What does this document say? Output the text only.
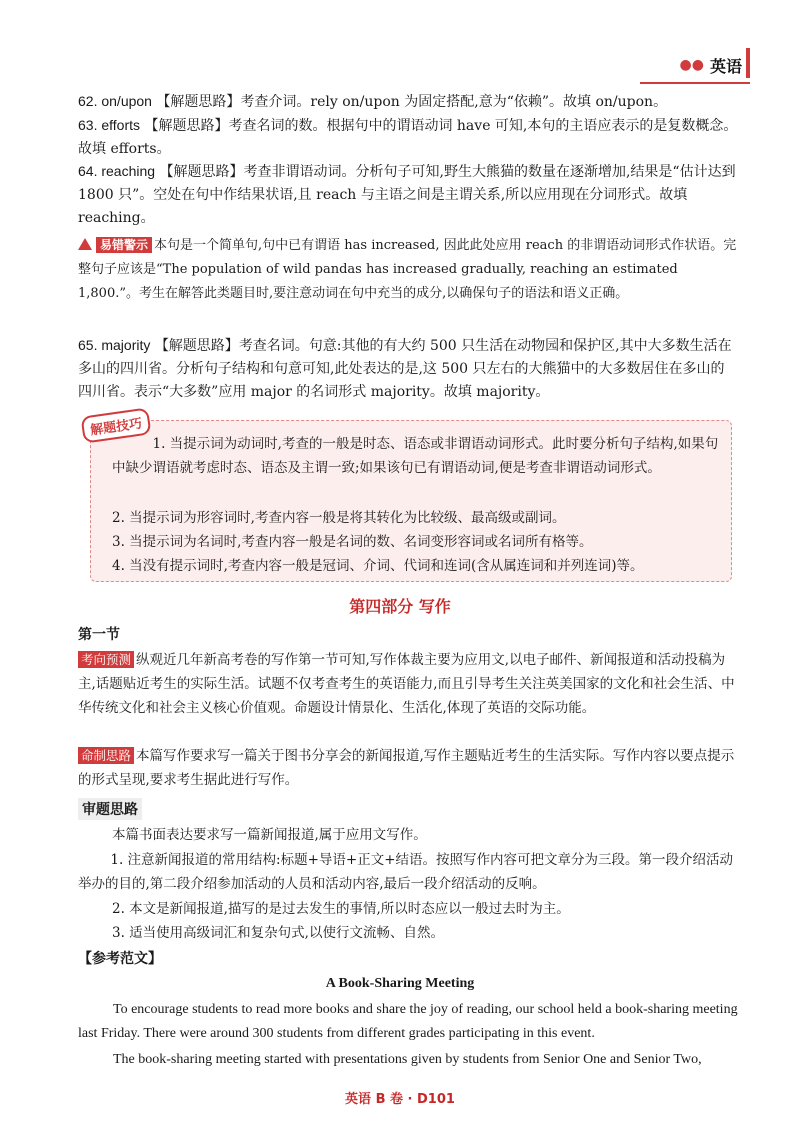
●● 英语
62. on/upon 【解题思路】考查介词。rely on/upon 为固定搭配,意为“依赖”。故填 on/upon。
63. efforts 【解题思路】考查名词的数。根据句中的谓语动词 have 可知,本句的主语应表示的是复数概念。故填 efforts。
64. reaching 【解题思路】考查非谓语动词。分析句子可知,野生大熊猫的数量在逐渐增加,结果是“估计达到 1800 只”。空处在句中作结果状语,且 reach 与主语之间是主谓关系,所以应用现在分词形式。故填 reaching。
易错警示 本句是一个简单句,句中已有谓语 has increased, 因此此处应用 reach 的非谓语动词形式作状语。完整句子应该是“The population of wild pandas has increased gradually, reaching an estimated 1,800.”。考生在解答此类题目时,要注意动词在句中充当的成分,以确保句子的语法和语义正确。
65. majority 【解题思路】考查名词。句意:其他的有大约 500 只生活在动物园和保护区,其中大多数生活在多山的四川省。分析句子结构和句意可知,此处表达的是,这 500 只左右的大熊猫中的大多数居住在多山的四川省。表示“大多数”应用 major 的名词形式 majority。故填 majority。
解题技巧
1. 当提示词为动词时,考查的一般是时态、语态或非谓语动词形式。此时要分析句子结构,如果句中缺少谓语就考虑时态、语态及主谓一致;如果该句已有谓语动词,便是考查非谓语动词形式。
2. 当提示词为形容词时,考查内容一般是将其转化为比较级、最高级或副词。
3. 当提示词为名词时,考查内容一般是名词的数、名词变形容词或名词所有格等。
4. 当没有提示词时,考查内容一般是冠词、介词、代词和连词(含从属连词和并列连词)等。
第四部分 写作
第一节
考向预测 纵观近几年新高考卷的写作第一节可知,写作体裁主要为应用文,以电子邮件、新闻报道和活动投稿为主,话题贴近考生的实际生活。试题不仅考查考生的英语能力,而且引导考生关注英美国家的文化和社会生活、中华传统文化和社会主义核心价值观。命题设计情景化、生活化,体现了英语的交际功能。
命制思路 本篇写作要求写一篇关于图书分享会的新闻报道,写作主题贴近考生的生活实际。写作内容以要点提示的形式呈现,要求考生据此进行写作。
审题思路
本篇书面表达要求写一篇新闻报道,属于应用文写作。
1. 注意新闻报道的常用结构:标题+导语+正文+结语。按照写作内容可把文章分为三段。第一段介绍活动举办的目的,第二段介绍参加活动的人员和活动内容,最后一段介绍活动的反响。
2. 本文是新闻报道,描写的是过去发生的事情,所以时态应以一般过去时为主。
3. 适当使用高级词汇和复杂句式,以使行文流畅、自然。
【参考范文】
A Book-Sharing Meeting
To encourage students to read more books and share the joy of reading, our school held a book-sharing meeting last Friday. There were around 300 students from different grades participating in this event.
The book-sharing meeting started with presentations given by students from Senior One and Senior Two,
英语 B 卷 · D101
